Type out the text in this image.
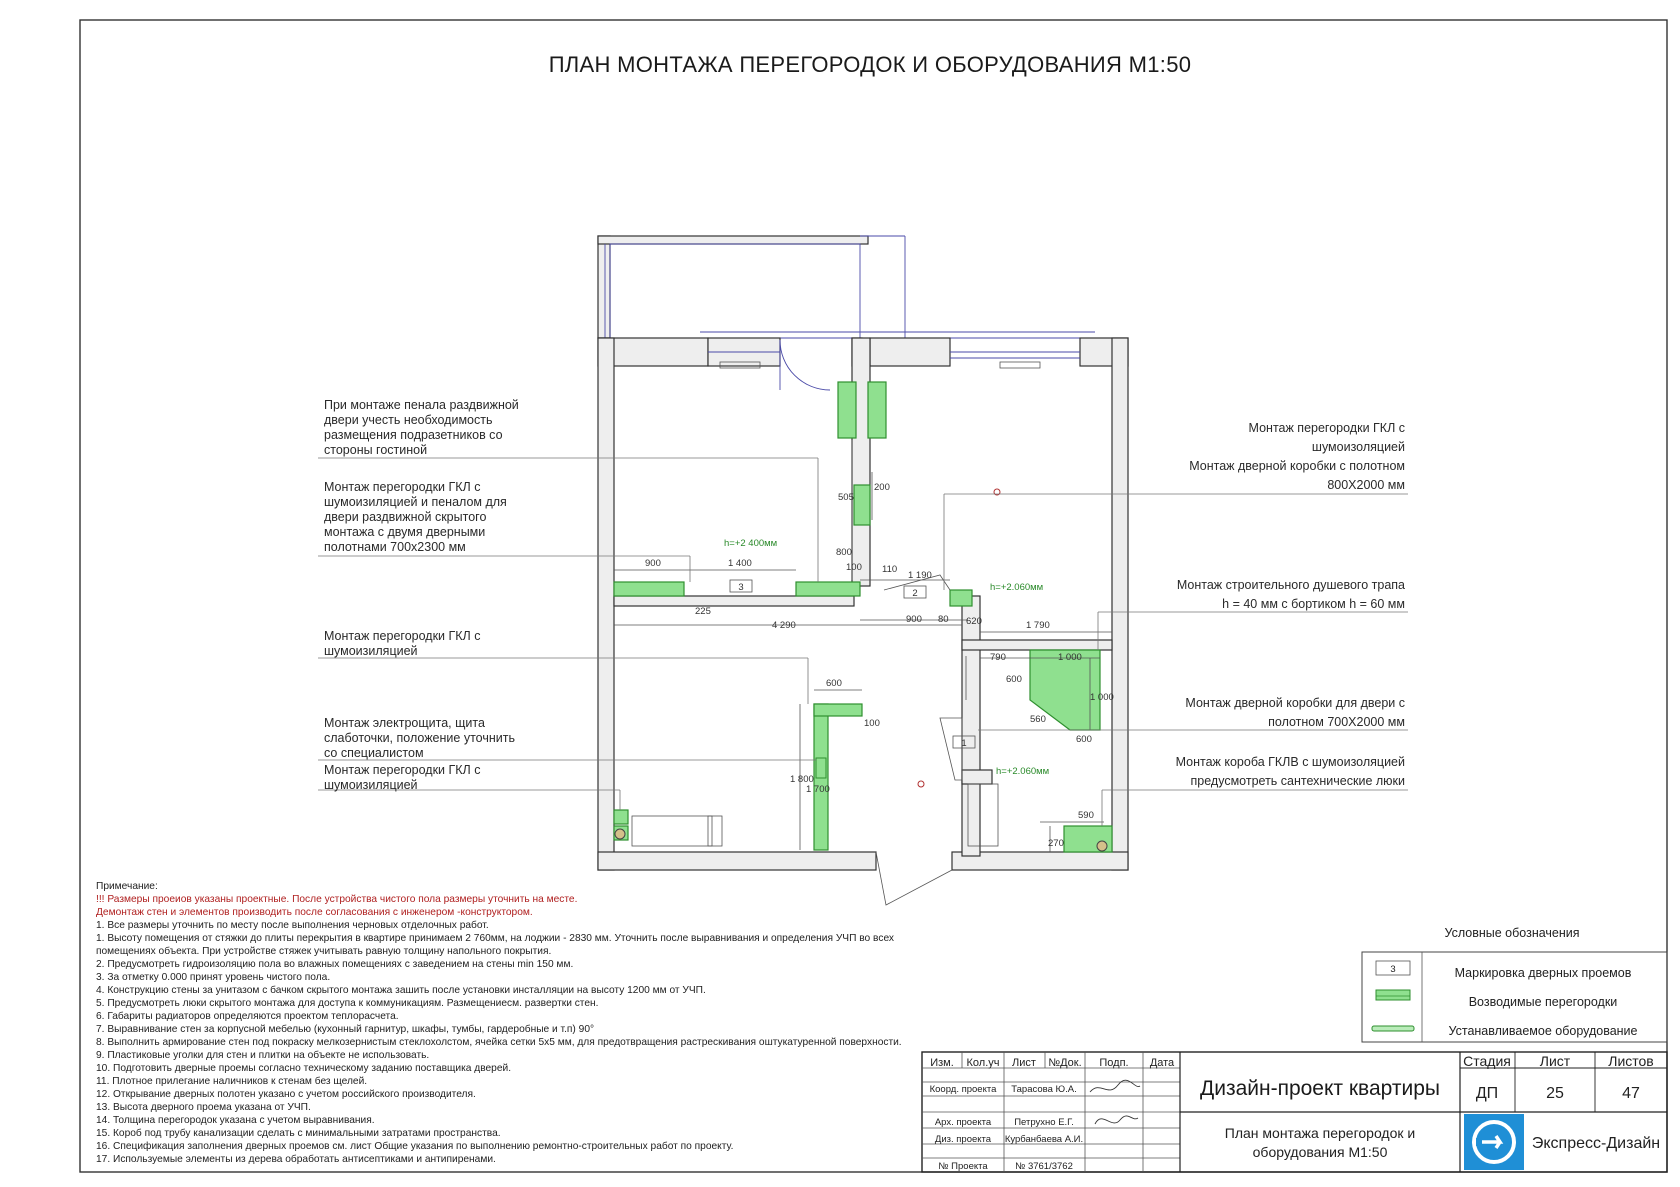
ПЛАН МОНТАЖА ПЕРЕГОРОДОК И ОБОРУДОВАНИЯ М1:50
3
2
1
900	1 400
h=+2 400мм
505
200
800
100 110
1 190
h=+2.060мм
225
4 290
900 80 620	1 790
790	1 000
600
1 000
560
600
600
100
1 800
1 700
h=+2.060мм
590
270
При монтаже пенала раздвижной
двери учесть необходимость
размещения подразетников со
стороны гостиной
Монтаж перегородки ГКЛ с
шумоизиляцией и пеналом для
двери раздвижной скрытого
монтажа с двумя дверными
полотнами 700х2300 мм
Монтаж перегородки ГКЛ с
шумоизиляцией
Монтаж электрощита, щита
слаботочки, положение уточнить
со специалистом
Монтаж перегородки ГКЛ с
шумоизиляцией
Монтаж перегородки ГКЛ с
шумоизоляцией
Монтаж дверной коробки с полотном
800Х2000 мм
Монтаж строительного душевого трапа
h = 40 мм с бортиком h = 60 мм
Монтаж дверной коробки для двери с
полотном 700Х2000 мм
Монтаж короба ГКЛВ с шумоизоляцией
предусмотреть сантехнические люки
Примечание:
!!! Размеры проеиов указаны проектные. После устройства чистого пола размеры уточнить на месте.
Демонтаж стен и элементов производить после согласования с инженером -конструктором.
1. Все размеры уточнить по месту после выполнения черновых отделочных работ.
1. Высоту помещения от стяжки до плиты перекрытия в квартире принимаем 2 760мм, на лоджии - 2830 мм. Уточнить после выравнивания и определения УЧП во всех
помещениях объекта. При устройстве стяжек учитывать равную толщину напольного покрытия.
2. Предусмотреть гидроизоляцию пола во влажных помещениях с заведением на стены min 150 мм.
3. За отметку 0.000 принят уровень чистого пола.
4. Конструкцию стены за унитазом с бачком скрытого монтажа зашить после установки инсталляции на высоту 1200 мм от УЧП.
5. Предусмотреть люки скрытого монтажа для доступа к коммуникациям. Размещениесм. развертки стен.
6. Габариты радиаторов определяются проектом теплорасчета.
7. Выравнивание стен за корпусной мебелью (кухонный гарнитур, шкафы, тумбы, гардеробные и т.п) 90°
8. Выполнить армирование стен под покраску мелкозернистым стеклохолстом, ячейка сетки 5х5 мм, для предотвращения растрескивания оштукатуренной поверхности.
9. Пластиковые уголки для стен и плитки на объекте не использовать.
10. Подготовить дверные проемы согласно техническому заданию поставщика дверей.
11. Плотное прилегание наличников к стенам без щелей.
12. Открывание дверных полотен указано с учетом российского производителя.
13. Высота дверного проема указана от УЧП.
14. Толщина перегородок указана с учетом выравнивания.
15. Короб под трубу канализации сделать с минимальными затратами пространства.
16. Спецификация заполнения дверных проемов см. лист Общие указания по выполнению ремонтно-строительных работ по проекту.
17. Используемые элементы из дерева обработать антисептиками и антипиренами.
Условные обозначения
3	Маркировка дверных проемов
Возводимые перегородки
Устанавливаемое оборудование
Изм. Кол.уч Лист №Док. Подп. Дата
Коорд. проекта Тарасова Ю.А.
Арх. проекта Петрухно Е.Г.
Диз. проекта Курбанбаева А.И.
№ Проекта	№ 3761/3762
Дизайн-проект квартиры
План монтажа перегородок и
оборудования М1:50
Стадия Лист	Листов
ДП	25	47
Экспресс-Дизайн
